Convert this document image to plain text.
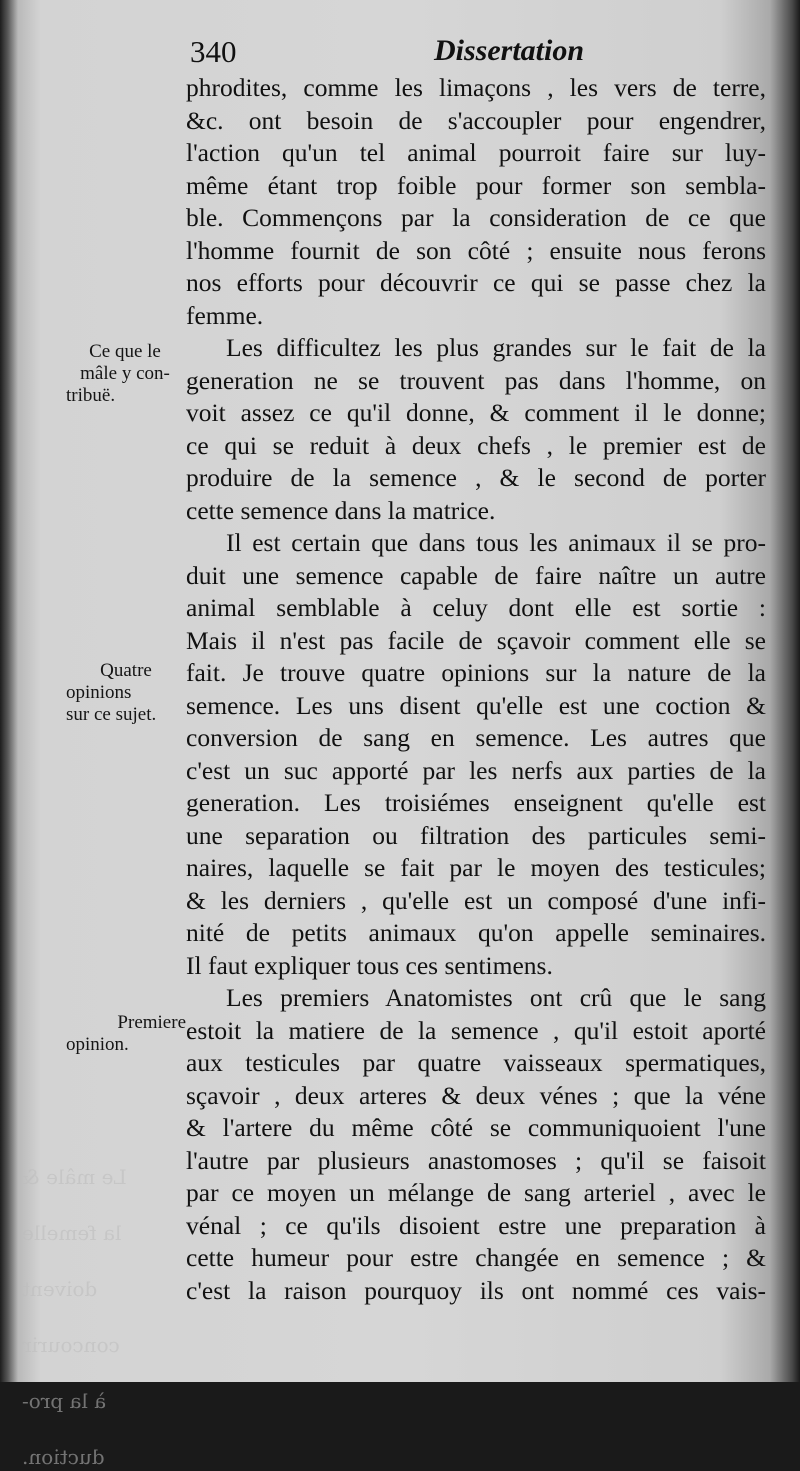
Le mâle &

la femelle

doivent

concourir

à la pro-

duction.

340	Dissertation
Ce que le
mâle y con-
tribuë.
Quatre
opinions
sur ce sujet.
Premiere
opinion.
phrodites, comme les limaçons , les vers de terre,
&c. ont besoin de s'accoupler pour engendrer,
l'action qu'un tel animal pourroit faire sur luy-
même étant trop foible pour former son sembla-
ble. Commençons par la consideration de ce que
l'homme fournit de son côté ; ensuite nous ferons
nos efforts pour découvrir ce qui se passe chez la
femme.
Les difficultez les plus grandes sur le fait de la
generation ne se trouvent pas dans l'homme, on
voit assez ce qu'il donne, & comment il le donne;
ce qui se reduit à deux chefs , le premier est de
produire de la semence , & le second de porter
cette semence dans la matrice.
Il est certain que dans tous les animaux il se pro-
duit une semence capable de faire naître un autre
animal semblable à celuy dont elle est sortie :
Mais il n'est pas facile de sçavoir comment elle se
fait. Je trouve quatre opinions sur la nature de la
semence. Les uns disent qu'elle est une coction &
conversion de sang en semence. Les autres que
c'est un suc apporté par les nerfs aux parties de la
generation. Les troisiémes enseignent qu'elle est
une separation ou filtration des particules semi-
naires, laquelle se fait par le moyen des testicules;
& les derniers , qu'elle est un composé d'une infi-
nité de petits animaux qu'on appelle seminaires.
Il faut expliquer tous ces sentimens.
Les premiers Anatomistes ont crû que le sang
estoit la matiere de la semence , qu'il estoit aporté
aux testicules par quatre vaisseaux spermatiques,
sçavoir , deux arteres & deux vénes ; que la véne
& l'artere du même côté se communiquoient l'une
l'autre par plusieurs anastomoses ; qu'il se faisoit
par ce moyen un mélange de sang arteriel , avec le
vénal ; ce qu'ils disoient estre une preparation à
cette humeur pour estre changée en semence ; &
c'est la raison pourquoy ils ont nommé ces vais-
